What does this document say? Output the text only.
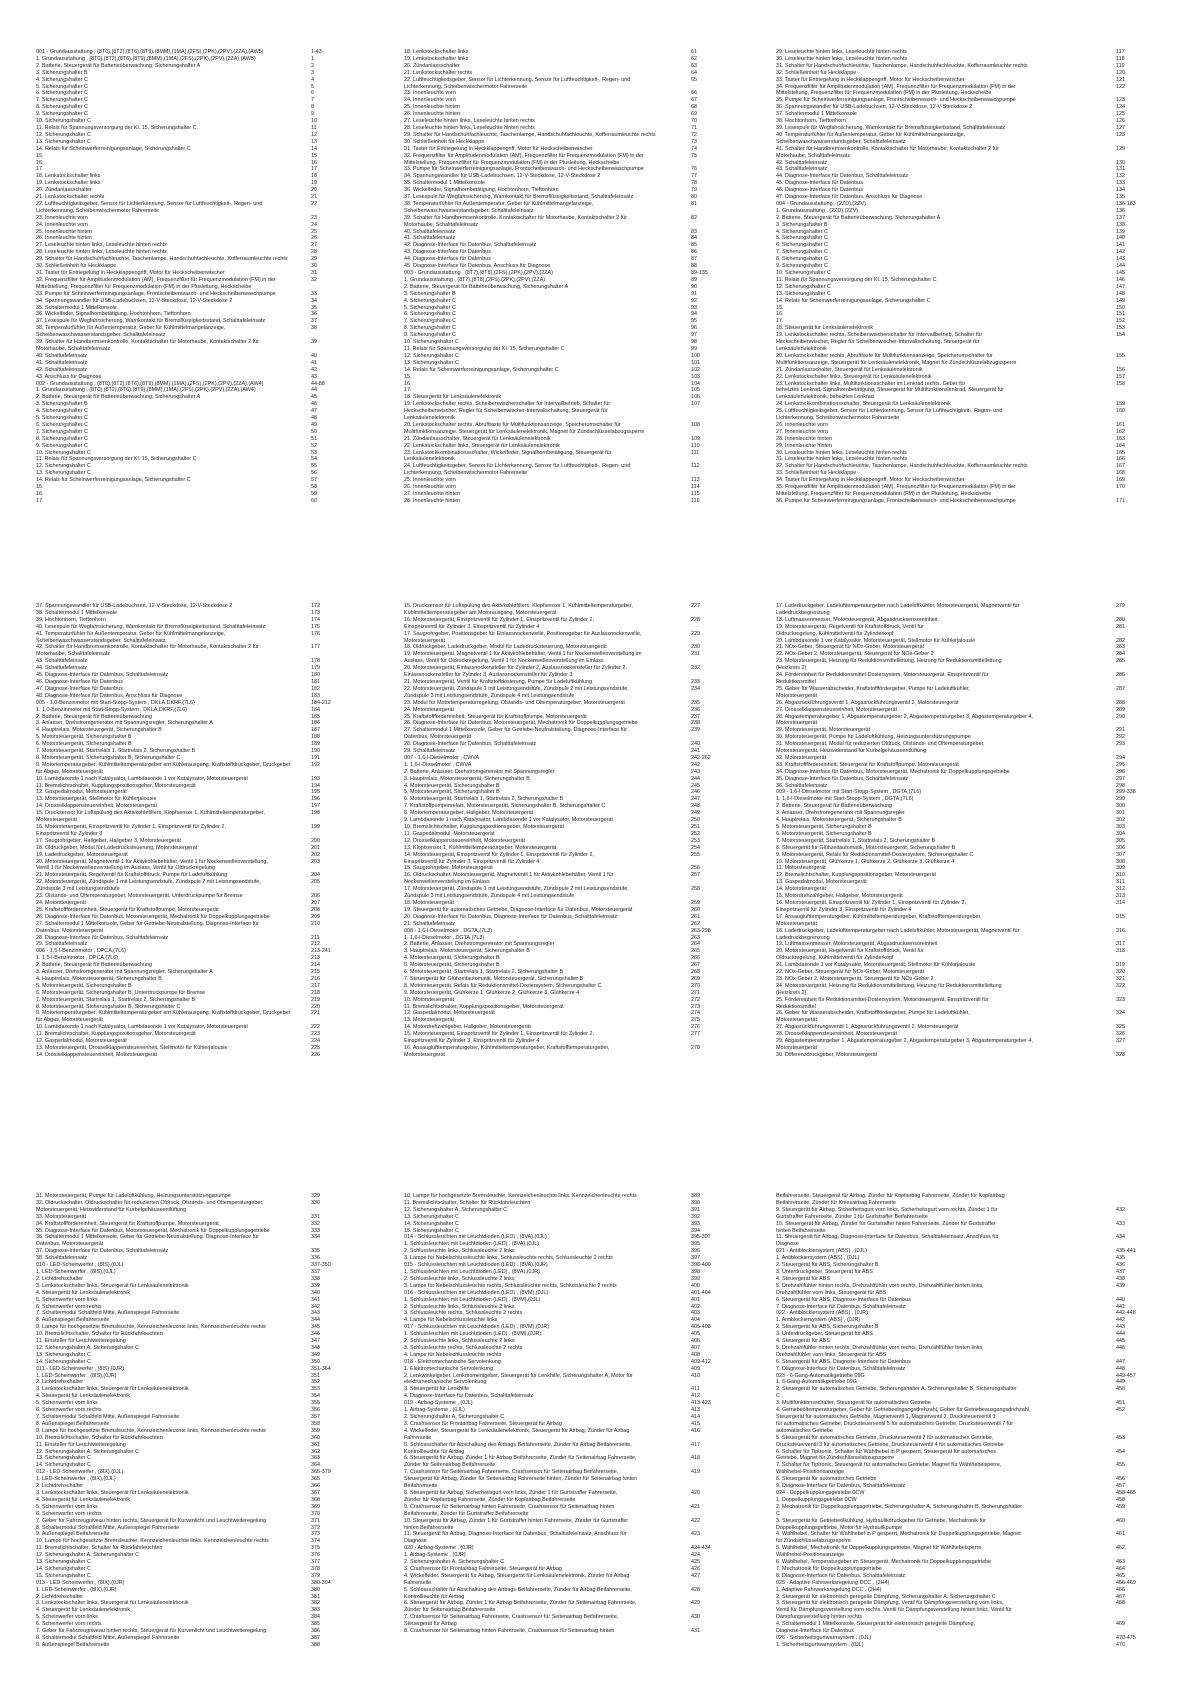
001 - Grundausstattung , (8T0),(8T2),(8T6),(8T9),(8MM),(1MA),(2FS),(2PK),(2PV),(2ZA),(AW5)	1-43
1. Grundausstattung , (8T0),(8T2),(8T6),(8T9),(8MM),(1MA),(2FS),(2PK),(2PV),(2ZA),(AW5)	1
2. Batterie, Steuergerät für Batterieüberwachung, Sicherungshalter A	2
3. Sicherungshalter B	3
4. Sicherungshalter C	4
5. Sicherungshalter C	5
6. Sicherungshalter C	6
7. Sicherungshalter C	7
8. Sicherungshalter C	8
9. Sicherungshalter C	9
10. Sicherungshalter C	10
11. Relais für Spannungsversorgung der Kl. 15, Sicherungshalter C	11
12. Sicherungshalter C	12
13. Sicherungshalter C	13
14. Relais für Scheinwerferreinigungsanlage, Sicherungshalter C	14
15.	15
16.	16
17.	17
18. Lenkstockschalter links	18
19. Lenkstockschalter links	19
20. Zündanlassschalter	20
21. Lenkstockschalter rechts	21
22. Luftfeuchtigkeitsgeber, Sensor für Lichterkennung, Sensor für Luftfeuchtigkeit-, Regen- und	22
Lichterkennung, Scheibenwischermotor Fahrerseite
23. Innenleuchte vorn	23
24. Innenleuchte vorn	24
25. Innenleuchte hinten	25
26. Innenleuchte hinten	26
27. Leseleuchte hinten links, Leseleuchte hinten rechts	27
28. Leseleuchte hinten links, Leseleuchte hinten rechts	28
29. Schalter für Handschuhfachleuchte, Taschenlampe, Handschuhfachleuchte, Kofferraumleuchte rechts	29
30. Schließeinheit für Heckklappe	30
31. Taster für Entriegelung in Heckklappengriff, Motor für Heckscheibenwischer	31
32. Frequenzfilter für Amplitudenmodulation (AM), Frequenzfilter für Frequenzmodulation (FM) in der	32
Mittelstellung, Frequenzfilter für Frequenzmodulation (FM) in der Plusleitung, Heckscheibe
33. Pumpe für Scheinwerferreinigungsanlage, Frontscheibenwasch- und Heckscheibenwaschpumpe	33
34. Spannungswandler für USB-Ladebuchsen, 12-V-Steckdose, 12-V-Steckdose 2	34
35. Schaltermodul 1 Mittelkonsole	35
36. Wickelfeder, Signalhornbetätigung, Hochtonhorn, Tieftonhorn	36
37. Lesespule für Wegfahrsicherung, Warnkontakt für Bremsflüssigkeitsstand, Schalttafeleinsatz	37
38. Temperaturfühler für Außentemperatur, Geber für Kühlmittelmangelanzeige,	38
Scheibenwaschwasserstandsgeber, Schalttafeleinsatz
39. Schalter für Handbremsenkontrolle, Kontaktschalter für Motorhaube, Kontaktschalter 2 für	39
Motorhaube, Schalttafeleinsatz
40. Schalttafeleinsatz	40
41. Schalttafeleinsatz	41
42. Schalttafeleinsatz	42
43. Anschluss für Diagnose	43
002 - Grundausstattung , (8T0),(8T2),(8T6),(8T9),(8MM),(1MA),(2FS),(2PK),(2PV),(2ZA),(AW4)	44-88
1. Grundausstattung , (8T0),(8T2),(8T6),(8T9),(8MM),(1MA),(2FS),(2PK),(2PV),(2ZA),(AW4)	44
2. Batterie, Steuergerät für Batterieüberwachung, Sicherungshalter A	45
3. Sicherungshalter B	46
4. Sicherungshalter C	47
5. Sicherungshalter C	48
6. Sicherungshalter C	49
7. Sicherungshalter C	50
8. Sicherungshalter C	51
9. Sicherungshalter C	52
10. Sicherungshalter C	53
11. Relais für Spannungsversorgung der Kl. 15, Sicherungshalter C	54
12. Sicherungshalter C	55
13. Sicherungshalter C	56
14. Relais für Scheinwerferreinigungsanlage, Sicherungshalter C	57
15.	58
16.	59
17.	60
18. Lenkstockschalter links	61
19. Lenkstockschalter links	62
20. Zündanlassschalter	63
21. Lenkstockschalter rechts	64
22. Luftfeuchtigkeitsgeber, Sensor für Lichterkennung, Sensor für Luftfeuchtigkeit-, Regen- und	65
Lichterkennung, Scheibenwischermotor Fahrerseite
23. Innenleuchte vorn	66
24. Innenleuchte vorn	67
25. Innenleuchte hinten	68
26. Innenleuchte hinten	69
27. Leseleuchte hinten links, Leseleuchte hinten rechts	70
28. Leseleuchte hinten links, Leseleuchte hinten rechts	71
29. Schalter für Handschuhfachleuchte, Taschenlampe, Handschuhfachleuchte, Kofferraumleuchte rechts	72
30. Schließeinheit für Heckklappe	73
31. Taster für Entriegelung in Heckklappengriff, Motor für Heckscheibenwischer	74
32. Frequenzfilter für Amplitudenmodulation (AM), Frequenzfilter für Frequenzmodulation (FM) in der	75
Mittelstellung, Frequenzfilter für Frequenzmodulation (FM) in der Plusleitung, Heckscheibe
33. Pumpe für Scheinwerferreinigungsanlage, Frontscheibenwasch- und Heckscheibenwaschpumpe	76
34. Spannungswandler für USB-Ladebuchsen, 12-V-Steckdose, 12-V-Steckdose 2	77
35. Schaltermodul 1 Mittelkonsole	78
36. Wickelfeder, Signalhornbetätigung, Hochtonhorn, Tieftonhorn	79
37. Lesespule für Wegfahrsicherung, Warnkontakt für Bremsflüssigkeitsstand, Schalttafeleinsatz	80
38. Temperaturfühler für Außentemperatur, Geber für Kühlmittelmangelanzeige,	81
Scheibenwaschwasserstandsgeber, Schalttafeleinsatz
39. Schalter für Handbremsenkontrolle, Kontaktschalter für Motorhaube, Kontaktschalter 2 für	82
Motorhaube, Schalttafeleinsatz
40. Schalttafeleinsatz	83
41. Schalttafeleinsatz	84
42. Diagnose-Interface für Datenbus, Schalttafeleinsatz	85
43. Diagnose-Interface für Datenbus	86
44. Diagnose-Interface für Datenbus	87
45. Diagnose-Interface für Datenbus, Anschluss für Diagnose	88
003 - Grundausstattung , (8T7),(8T8),(2FS),(2PK),(2PV),(2ZA)	89-135
1. Grundausstattung , (8T7),(8T8),(2FS),(2PK),(2PV),(2ZA)	89
2. Batterie, Steuergerät für Batterieüberwachung, Sicherungshalter A	90
3. Sicherungshalter B	91
4. Sicherungshalter C	92
5. Sicherungshalter C	93
6. Sicherungshalter C	94
7. Sicherungshalter C	95
8. Sicherungshalter C	96
9. Sicherungshalter C	97
10. Sicherungshalter C	98
11. Relais für Spannungsversorgung der Kl. 15, Sicherungshalter C	99
12. Sicherungshalter C	100
13. Sicherungshalter C	101
14. Relais für Scheinwerferreinigungsanlage, Sicherungshalter C	102
15.	103
16.	104
17.	105
18. Steuergerät für Lenksäulenelektronik	106
19. Lenkstockschalter rechts, Scheibenwischerschalter für Intervallbetrieb, Schalter für	107
Heckscheibenwischer, Regler für Scheibenwischer-Intervallschaltung, Steuergerät für
Lenksäulenelektronik
20. Lenkstockschalter rechts, Abrufttaste für Multifunktionsanzeige, Speicherumschalter für	108
Multifunktionsanzeige, Steuergerät für Lenksäulenelektronik, Magnet für Zündschlüsselabzugssperre
21. Zündanlassschalter, Steuergerät für Lenksäulenelektronik	109
22. Lenkstockschalter links, Steuergerät für Lenksäulenelektronik	110
23. Lenkstockkombinationsschalter, Wickelfeder, Signalhornbetätigung, Steuergerät für	111
Lenksäulenelektronik
24. Luftfeuchtigkeitsgeber, Sensor für Lichterkennung, Sensor für Luftfeuchtigkeit-, Regen- und	112
Lichterkennung, Scheibenwischermotor Fahrerseite
25. Innenleuchte vorn	113
26. Innenleuchte vorn	114
27. Innenleuchte hinten	115
28. Innenleuchte hinten	116
29. Leseleuchte hinten links, Leseleuchte hinten rechts	117
30. Leseleuchte hinten links, Leseleuchte hinten rechts	118
31. Schalter für Handschuhfachleuchte, Taschenlampe, Handschuhfachleuchte, Kofferraumleuchte rechts	119
32. Schließeinheit für Heckklappe	120
33. Taster für Entriegelung in Heckklappengriff, Motor für Heckscheibenwischer	121
34. Frequenzfilter für Amplitudenmodulation (AM), Frequenzfilter für Frequenzmodulation (FM) in der	122
Mittelstellung, Frequenzfilter für Frequenzmodulation (FM) in der Plusleitung, Heckscheibe
35. Pumpe für Scheinwerferreinigungsanlage, Frontscheibenwasch- und Heckscheibenwaschpumpe	123
36. Spannungswandler für USB-Ladebuchsen, 12-V-Steckdose, 12-V-Steckdose 2	124
37. Schaltermodul 1 Mittelkonsole	125
38. Hochtonhorn, Tieftonhorn	126
39. Lesespule für Wegfahrsicherung, Warnkontakt für Bremsflüssigkeitsstand, Schalttafeleinsatz	127
40. Temperaturfühler für Außentemperatur, Geber für Kühlmittelmangelanzeige,	128
Scheibenwaschwasserstandsgeber, Schalttafeleinsatz
41. Schalter für Handbremsenkontrolle, Kontaktschalter für Motorhaube, Kontaktschalter 2 für	129
Motorhaube, Schalttafeleinsatz
42. Schalttafeleinsatz	130
43. Schalttafeleinsatz	131
44. Diagnose-Interface für Datenbus, Schalttafeleinsatz	132
45. Diagnose-Interface für Datenbus	133
46. Diagnose-Interface für Datenbus	134
47. Diagnose-Interface für Datenbus, Anschluss für Diagnose	135
004 - Grundausstattung , (2ZD),(2ZV)	136-183
1. Grundausstattung , (2ZD),(2ZV)	136
2. Batterie, Steuergerät für Batterieüberwachung, Sicherungshalter A	137
3. Sicherungshalter B	138
4. Sicherungshalter C	139
5. Sicherungshalter C	140
6. Sicherungshalter C	141
7. Sicherungshalter C	142
8. Sicherungshalter C	143
9. Sicherungshalter C	144
10. Sicherungshalter C	145
11. Relais für Spannungsversorgung der Kl. 15, Sicherungshalter C	146
12. Sicherungshalter C	147
13. Sicherungshalter C	148
14. Relais für Scheinwerferreinigungsanlage, Sicherungshalter C	149
15.	150
16.	151
17.	152
18. Steuergerät für Lenksäulenelektronik	153
19. Lenkstockschalter rechts, Scheibenwischerschalter für Intervallbetrieb, Schalter für	154
Heckscheibenwischer, Regler für Scheibenwischer-Intervallschaltung, Steuergerät für
Lenksäulenelektronik
20. Lenkstockschalter rechts, Abrufttaste für Multifunktionsanzeige, Speicherumschalter für	155
Multifunktionsanzeige, Steuergerät für Lenksäulenelektronik, Magnet für Zündschlüsselabzugssperre
21. Zündanlassschalter, Steuergerät für Lenksäulenelektronik	156
22. Lenkstockschalter links, Steuergerät für Lenksäulenelektronik	157
23. Lenkstockschalter links, Multifunktionsschalter im Lenkrad rechts, Geber für	158
beheiztes Lenkrad, Signalhornbetätigung, Steuergerät für Multifunktionslenkrad, Steuergerät für
Lenksäulenelektronik, beheiztes Lenkrad
24. Lenkstockkombinationsschalter, Steuergerät für Lenksäulenelektronik	159
25. Luftfeuchtigkeitsgeber, Sensor für Lichterkennung, Sensor für Luftfeuchtigkeit-, Regen- und	160
Lichterkennung, Scheibenwischermotor Fahrerseite
26. Innenleuchte vorn	161
27. Innenleuchte vorn	162
28. Innenleuchte hinten	163
29. Innenleuchte hinten	164
30. Leseleuchte hinten links, Leseleuchte hinten rechts	165
31. Leseleuchte hinten links, Leseleuchte hinten rechts	166
32. Schalter für Handschuhfachleuchte, Taschenlampe, Handschuhfachleuchte, Kofferraumleuchte rechts	167
33. Schließeinheit für Heckklappe	168
34. Taster für Entriegelung in Heckklappengriff, Motor für Heckscheibenwischer	169
35. Frequenzfilter für Amplitudenmodulation (AM), Frequenzfilter für Frequenzmodulation (FM) in der	170
Mittelstellung, Frequenzfilter für Frequenzmodulation (FM) in der Plusleitung, Heckscheibe
36. Pumpe für Scheinwerferreinigungsanlage, Frontscheibenwasch- und Heckscheibenwaschpumpe	171
37. Spannungswandler für USB-Ladebuchsen, 12-V-Steckdose, 12-V-Steckdose 2	172
38. Schaltermodul 1 Mittelkonsole	173
39. Hochtonhorn, Tieftonhorn	174
40. Lesespule für Wegfahrsicherung, Warnkontakt für Bremsflüssigkeitsstand, Schalttafeleinsatz	175
41. Temperaturfühler für Außentemperatur, Geber für Kühlmittelmangelanzeige,	176
Scheibenwaschwasserstandsgeber, Schalttafeleinsatz
42. Schalter für Handbremsenkontrolle, Kontaktschalter für Motorhaube, Kontaktschalter 2 für	177
Motorhaube, Schalttafeleinsatz
43. Schalttafeleinsatz	178
44. Schalttafeleinsatz	179
45. Diagnose-Interface für Datenbus, Schalttafeleinsatz	180
46. Diagnose-Interface für Datenbus	181
47. Diagnose-Interface für Datenbus	182
48. Diagnose-Interface für Datenbus, Anschluss für Diagnose	183
005 - 1,0-Benzinmotor mit Start-Stopp-System , DKLA,DKRF,(7L6)	184-212
1. 1,0-Benzinmotor mit Start-Stopp-System , DKLA,DKRF,(7L6)	184
2. Batterie, Steuergerät für Batterieüberwachung	185
3. Anlasser, Drehstromgenerator mit Spannungsregler, Sicherungshalter A	186
4. Hauptrelais, Motorsteuergerät, Sicherungshalter B	187
5. Motorsteuergerät, Sicherungshalter B	188
6. Motorsteuergerät, Sicherungshalter B	189
7. Motorsteuergerät, Startrelais 1, Startrelais 2, Sicherungshalter B	190
8. Motorsteuergerät, Sicherungshalter B, Sicherungshalter C	191
9. Motortemperaturgeber, Kühlmitteltemperaturgeber am Kühlerausgang, Kraftstoffdruckgeber, Druckgeber	192
für Abgas, Motorsteuergerät
10. Lambdasonde 1 nach Katalysator, Lambdasonde 1 vor Katalysator, Motorsteuergerät	193
11. Bremslichtschalter, Kupplungspositionsgeber, Motorsteuergerät	194
12. Gaspedalmodul, Motorsteuergerät	195
13. Motorsteuergerät, Stellmotor für Kühlerjalousie	196
14. Drosselklappensteuereinheit, Motorsteuergerät	197
15. Drucksensor für Luftspülung des Aktivkohlefilters, Klopfsensor 1, Kühlmitteltemperaturgeber,	198
Motorsteuergerät
16. Motorsteuergerät, Einspritzventil für Zylinder 1, Einspritzventil für Zylinder 2,	199
Einspritzventil für Zylinder 3
17. Saugrohrgeber, Hallgeber, Hallgeber 3, Motorsteuergerät	200
18. Öldruckgeber, Modul für Ladedrucksteuerung, Motorsteuergerät	201
19. Ladedruckgeber, Motorsteuergerät	202
20. Motorsteuergerät, Magnetventil 1 für Aktivkohlebehälter, Ventil 1 für Nockenwellenverstellung,	203
Ventil 1 für Nockenwellenverstellung im Auslass, Ventil für Öldruckregelung
21. Motorsteuergerät, Regelventil für Kraftstoffdruck, Pumpe für Ladeluftkühlung	204
22. Motorsteuergerät, Zündspule 1 mit Leistungsendstufe, Zündspule 2 mit Leistungsendstufe,	205
Zündspule 3 mit Leistungsendstufe
23. Ölstands- und Öltemperaturgeber, Motorsteuergerät, Unterdruckpumpe für Bremse	206
24. Motorsteuergerät	207
25. Kraftstofffördereinheit, Steuergerät für Kraftstoffpumpe, Motorsteuergerät	208
26. Diagnose-Interface für Datenbus, Motorsteuergerät, Mechatronik für Doppelkupplungsgetriebe	209
27. Schaltermodul 1 Mittelkonsole, Geber für Getriebe-Neutralstellung, Diagnose-Interface für	210
Datenbus, Motorsteuergerät
28. Diagnose-Interface für Datenbus, Schalttafeleinsatz	211
29. Schalttafeleinsatz	212
006 - 1,5-l-Benzinmotor , DPCA,(7L6)	213-241
1. 1,5-l-Benzinmotor , DPCA,(7L6)	213
2. Batterie, Steuergerät für Batterieüberwachung	214
3. Anlasser, Drehstromgenerator mit Spannungsregler, Sicherungshalter A	215
4. Hauptrelais, Motorsteuergerät, Sicherungshalter B	216
5. Motorsteuergerät, Sicherungshalter B	217
6. Motorsteuergerät, Sicherungshalter B, Unterdruckpumpe für Bremse	218
7. Motorsteuergerät, Startrelais 1, Startrelais 2, Sicherungshalter B	219
8. Motorsteuergerät, Sicherungshalter B, Sicherungshalter C	220
9. Motortemperaturgeber, Kühlmitteltemperaturgeber am Kühlerausgang, Kraftstoffdruckgeber, Druckgeber	221
für Abgas, Motorsteuergerät
10. Lambdasonde 1 nach Katalysator, Lambdasonde 1 vor Katalysator, Motorsteuergerät	222
11. Bremslichtschalter, Kupplungspositionsgeber, Motorsteuergerät	223
12. Gaspedalmodul, Motorsteuergerät	224
13. Motorsteuergerät, Drosselklappensteuereinheit, Stellmotor für Kühlerjalousie	225
14. Drosselklappensteuereinheit, Motorsteuergerät	226
15. Drucksensor für Luftspülung des Aktivkohlefilters, Klopfsensor 1, Kühlmitteltemperaturgeber,	227
Kühlmitteltemperaturgeber am Motorausgang, Motorsteuergerät
16. Motorsteuergerät, Einspritzventil für Zylinder 1, Einspritzventil für Zylinder 2,	228
Einspritzventil für Zylinder 3, Einspritzventil für Zylinder 4
17. Saugrohrgeber, Positionsgeber für Einlassnockenwelle, Positionsgeber für Auslassnockenwelle,	229
Motorsteuergerät
18. Öldruckgeber, Ladedruckgeber, Modul für Ladedrucksteuerung, Motorsteuergerät	230
19. Motorsteuergerät, Magnetventil 1 für Aktivkohlebehälter, Ventil 1 für Nockenwellenverstellung im	231
Auslass, Ventil für Öldruckregelung, Ventil 1 für Nockenwellenverstellung im Einlass
20. Motorsteuergerät, Einlassnockensteller für Zylinder 2, Auslassnockensteller für Zylinder 2,	232
Einlassnockensteller für Zylinder 3, Auslassnockensteller für Zylinder 3
21. Motorsteuergerät, Ventil für Kraftstoffdosierung, Pumpe für Ladeluftkühlung	233
22. Motorsteuergerät, Zündspule 1 mit Leistungsendstufe, Zündspule 2 mit Leistungsendstufe,	234
Zündspule 3 mit Leistungsendstufe, Zündspule 4 mit Leistungsendstufe
23. Modul für Motortemperaturregelung, Ölstands- und Öltemperaturgeber, Motorsteuergerät	235
24. Motorsteuergerät	236
25. Kraftstofffördereinheit, Steuergerät für Kraftstoffpumpe, Motorsteuergerät	237
26. Diagnose-Interface für Datenbus, Motorsteuergerät, Mechatronik für Doppelkupplungsgetriebe	238
27. Schaltermodul 1 Mittelkonsole, Geber für Getriebe-Neutralstellung, Diagnose-Interface für	239
Datenbus, Motorsteuergerät
28. Diagnose-Interface für Datenbus, Schalttafeleinsatz	240
29. Schalttafeleinsatz	241
007 - 1,6-l-Dieselmotor , CWVA	242-262
1. 1,6-l-Dieselmotor , CWVA	242
2. Batterie, Anlasser, Drehstromgenerator mit Spannungsregler	243
3. Hauptrelais, Motorsteuergerät, Sicherungshalter B	244
4. Motorsteuergerät, Sicherungshalter B	245
5. Motorsteuergerät, Sicherungshalter B	246
6. Motorsteuergerät, Startrelais 1, Startrelais 2, Sicherungshalter B	247
7. Kraftstoffpumpenrelais, Motorsteuergerät, Sicherungshalter B, Sicherungshalter C	248
8. Motortemperaturgeber, Hallgeber, Motorsteuergerät	249
9. Lambdasonde 1 nach Katalysator, Lambdasonde 1 vor Katalysator, Motorsteuergerät	250
10. Bremslichtschalter, Kupplungspositionsgeber, Motorsteuergerät	251
11. Gaspedalmodul, Motorsteuergerät	252
12. Drosselklappensteuereinheit, Motorsteuergerät	253
13. Klopfsensor 1, Kühlmitteltemperaturgeber, Motorsteuergerät	254
14. Motorsteuergerät, Einspritzventil für Zylinder 1, Einspritzventil für Zylinder 2,	255
Einspritzventil für Zylinder 3, Einspritzventil für Zylinder 4
15. Saugrohrgeber, Motorsteuergerät	256
16. Öldruckschalter, Motorsteuergerät, Magnetventil 1 für Aktivkohlebehälter, Ventil 1 für	257
Nockenwellenverstellung im Einlass
17. Motorsteuergerät, Zündspule 1 mit Leistungsendstufe, Zündspule 2 mit Leistungsendstufe,	258
Zündspule 3 mit Leistungsendstufe, Zündspule 4 mit Leistungsendstufe
18. Motorsteuergerät	259
19. Steuergerät für automatisches Getriebe, Diagnose-Interface für Datenbus, Motorsteuergerät	260
20. Diagnose-Interface für Datenbus, Diagnose-Interface für Datenbus, Schalttafeleinsatz	261
21. Schalttafeleinsatz	262
008 - 1,6-l-Dieselmotor , DGTA,(7L3)	263-298
1. 1,6-l-Dieselmotor , DGTA,(7L3)	263
2. Batterie, Anlasser, Drehstromgenerator mit Spannungsregler	264
3. Hauptrelais, Motorsteuergerät, Sicherungshalter B	265
4. Motorsteuergerät, Sicherungshalter B	266
5. Motorsteuergerät, Sicherungshalter B	267
6. Motorsteuergerät, Startrelais 1, Startrelais 2, Sicherungshalter B	268
7. Steuergerät für Glühzeitautomatik, Motorsteuergerät, Sicherungshalter B	269
8. Motorsteuergerät, Relais für Reduktionsmittel-Dosiersystem, Sicherungshalter C	270
9. Motorsteuergerät, Glühkerze 1, Glühkerze 2, Glühkerze 3, Glühkerze 4	271
10. Motorsteuergerät	272
11. Bremslichtschalter, Kupplungspositionsgeber, Motorsteuergerät	273
12. Gaspedalmodul, Motorsteuergerät	274
13. Motorsteuergerät	275
14. Motordrehzahlgeber, Hallgeber, Motorsteuergerät	276
15. Motorsteuergerät, Einspritzventil für Zylinder 1, Einspritzventil für Zylinder 2,	277
Einspritzventil für Zylinder 3, Einspritzventil für Zylinder 4
16. Ansauglufttemperaturgeber, Kühlmitteltemperaturgeber, Kraftstofftemperaturgeber,	278
Motorsteuergerät
17. Ladedruckgeber, Ladelufttemperaturgeber nach Ladeluftkühler, Motorsteuergerät, Magnetventil für	279
Ladedruckbegrenzung
18. Luftmassenmesser, Motorsteuergerät, Abgasdrucksensoreinheit	280
19. Motorsteuergerät, Regelventil für Kraftstoffdruck, Ventil für	281
Öldruckregelung, Kühlmittelventil für Zylinderkopf
20. Lambdasonde 1 vor Katalysator, Motorsteuergerät, Stellmotor für Kühlerjalousie	282
21. NOx-Geber, Steuergerät für NOx-Geber, Motorsteuergerät	283
22. NOx-Geber 2, Motorsteuergerät, Steuergerät für NOx-Geber 2	284
23. Motorsteuergerät, Heizung für Reduktionsmittelleitung, Heizung für Reduktionsmittelleitung	285
(Heizkreis 2)
24. Fördereinheit für Reduktionsmittel-Dosiersystem, Motorsteuergerät, Einspritzventil für	286
Reduktionsmittel
25. Geber für Wasserabscheider, Kraftstofffördergeber, Pumpe für Ladeluftkühler,	287
Motorsteuergerät
26. Abgasrückführungsventil 1, Abgasrückführungsventil 2, Motorsteuergerät	288
27. Drosselklappensteuereinheit, Motorsteuergerät	289
28. Abgastemperaturgeber 1, Abgastemperaturgeber 2, Abgastemperaturgeber 3, Abgastemperaturgeber 4,	290
Motorsteuergerät
29. Motorsteuergerät, Motorsteuergerät	291
30. Motorsteuergerät, Pumpe für Ladeluftkühlung, Heizungsunterstützungspumpe	292
31. Motorsteuergerät, Modul für reduzierten Öldruck, Ölstands- und Öltemperaturgeber,	293
Motorsteuergerät, Heizwiderstand für Kurbelgehäuseentlüftung
32. Motorsteuergerät	294
33. Kraftstofffördereinheit, Steuergerät für Kraftstoffpumpe, Motorsteuergerät	295
34. Diagnose-Interface für Datenbus, Motorsteuergerät, Mechatronik für Doppelkupplungsgetriebe	296
35. Diagnose-Interface für Datenbus, Schalttafeleinsatz	297
36. Schalttafeleinsatz	298
009 - 1,6-l-Dieselmotor mit Start-Stopp-System , DGTA,(7L6)	299-338
1. 1,6-l-Dieselmotor mit Start-Stopp-System , DGTA,(7L6)	299
2. Batterie, Steuergerät für Batterieüberwachung	300
3. Anlasser, Drehstromgenerator mit Spannungsregler	301
4. Hauptrelais, Motorsteuergerät, Sicherungshalter B	302
5. Motorsteuergerät, Sicherungshalter B	303
6. Motorsteuergerät, Sicherungshalter B	304
7. Motorsteuergerät, Startrelais 1, Startrelais 2, Sicherungshalter B	305
8. Steuergerät für Glühzeitautomatik, Motorsteuergerät, Sicherungshalter B	306
9. Motorsteuergerät, Relais für Reduktionsmittel-Dosiersystem, Sicherungshalter C	307
10. Motorsteuergerät, Glühkerze 1, Glühkerze 2, Glühkerze 3, Glühkerze 4	308
11. Motorsteuergerät	309
12. Bremslichtschalter, Kupplungspositionsgeber, Motorsteuergerät	310
13. Gaspedalmodul, Motorsteuergerät	311
14. Motorsteuergerät	312
15. Motordrehzahlgeber, Hallgeber, Motorsteuergerät	313
16. Motorsteuergerät, Einspritzventil für Zylinder 1, Einspritzventil für Zylinder 2,	314
Einspritzventil für Zylinder 3, Einspritzventil für Zylinder 4
17. Ansauglufttemperaturgeber, Kühlmitteltemperaturgeber, Kraftstofftemperaturgeber,	315
Motorsteuergerät
18. Ladedruckgeber, Ladelufttemperaturgeber nach Ladeluftkühler, Motorsteuergerät, Magnetventil für	316
Ladedruckbegrenzung
19. Luftmassenmesser, Motorsteuergerät, Abgasdrucksensoreinheit	317
20. Motorsteuergerät, Regelventil für Kraftstoffdruck, Ventil für	318
Öldruckregelung, Kühlmittelventil für Zylinderkopf
21. Lambdasonde 1 vor Katalysator, Motorsteuergerät, Stellmotor für Kühlerjalousie	319
22. NOx-Geber, Steuergerät für NOx-Geber, Motorsteuergerät	320
23. NOx-Geber 2, Motorsteuergerät, Steuergerät für NOx-Geber 2	321
24. Motorsteuergerät, Heizung für Reduktionsmittelleitung, Heizung für Reduktionsmittelleitung	322
(Heizkreis 2)
25. Fördereinheit für Reduktionsmittel-Dosiersystem, Motorsteuergerät, Einspritzventil für	323
Reduktionsmittel
26. Geber für Wasserabscheider, Kraftstofffördergeber, Pumpe für Ladeluftkühler,	324
Motorsteuergerät
27. Abgasrückführungsventil 1, Abgasrückführungsventil 2, Motorsteuergerät	325
28. Drosselklappensteuereinheit, Motorsteuergerät	326
29. Abgastemperaturgeber 1, Abgastemperaturgeber 2, Abgastemperaturgeber 3, Abgastemperaturgeber 4,	327
Motorsteuergerät
30. Differenzdruckgeber, Motorsteuergerät	328
31. Motorsteuergerät, Pumpe für Ladeluftkühlung, Heizungsunterstützungspumpe	329
32. Öldruckschalter, Öldruckschalter für reduzierten Öldruck, Ölstands- und Öltemperaturgeber,	330
Motorsteuergerät, Heizwiderstand für Kurbelgehäuseentlüftung
33. Motorsteuergerät	331
34. Kraftstofffördereinheit, Steuergerät für Kraftstoffpumpe, Motorsteuergerät	332
35. Diagnose-Interface für Datenbus, Motorsteuergerät, Mechatronik für Doppelkupplungsgetriebe	333
36. Schaltermodul 1 Mittelkonsole, Geber für Getriebe-Neutralstellung, Diagnose-Interface für	334
Datenbus, Motorsteuergerät
37. Diagnose-Interface für Datenbus, Schalttafeleinsatz	335
38. Schalttafeleinsatz	336
010 - LED-Scheinwerfer , (8IS),(0JL)	337-350
1. LED-Scheinwerfer , (8IS),(0JL)	337
2. Lichtdrehschalter	338
3. Lenkstockschalter links, Steuergerät für Lenksäulenelektronik	339
4. Steuergerät für Lenksäulenelektronik	340
5. Scheinwerfer vorn links	341
6. Scheinwerfer vorn rechts	342
7. Schaltermodul Schaltfeld Mitte, Außenspiegel Fahrerseite	343
8. Außenspiegel Beifahrerseite	344
9. Lampe für hochgesetzte Bremsleuchte, Kennzeichenleuchte links, Kennzeichenleuchte rechts	345
10. Bremslichtschalter, Schalter für Rückfahrleuchten	346
11. Einsteller für Leuchtweiteregelung	347
12. Sicherungshalter A, Sicherungshalter C	348
13. Sicherungshalter C	349
14. Sicherungshalter C	350
011 - LED-Scheinwerfer , (8IS),(0JR)	351-364
1. LED-Scheinwerfer , (8IS),(0JR)	351
2. Lichtdrehschalter	352
3. Lenkstockschalter links, Steuergerät für Lenksäulenelektronik	353
4. Steuergerät für Lenksäulenelektronik	354
5. Scheinwerfer vorn links	355
6. Scheinwerfer vorn rechts	356
7. Schaltermodul Schaltfeld Mitte, Außenspiegel Fahrerseite	357
8. Außenspiegel Beifahrerseite	358
9. Lampe für hochgesetzte Bremsleuchte, Kennzeichenleuchte links, Kennzeichenleuchte rechts	359
10. Bremslichtschalter, Schalter für Rückfahrleuchten	360
11. Einsteller für Leuchtweiteregelung	361
12. Sicherungshalter A, Sicherungshalter C	362
13. Sicherungshalter C	363
14. Sicherungshalter C	364
012 - LED-Scheinwerfer , (8IX),(0JL)	365-379
1. LED-Scheinwerfer , (8IX),(0JL)	365
2. Lichtdrehschalter	366
3. Lenkstockschalter links, Steuergerät für Lenksäulenelektronik	367
4. Steuergerät für Lenksäulenelektronik	368
5. Scheinwerfer vorn links	369
6. Scheinwerfer vorn rechts	370
7. Geber für Fahrzeugniveau hinten rechts, Steuergerät für Kurvenlicht und Leuchtweiteregelung	371
8. Schaltermodul Schaltfeld Mitte, Außenspiegel Fahrerseite	372
9. Außenspiegel Beifahrerseite	373
10. Lampe für hochgesetzte Bremsleuchte, Kennzeichenleuchte links, Kennzeichenleuchte rechts	374
11. Bremslichtschalter, Schalter für Rückfahrleuchten	375
12. Sicherungshalter A, Sicherungshalter C	376
13. Sicherungshalter C	377
14. Sicherungshalter C	378
15. Sicherungshalter C	379
013 - LED-Scheinwerfer , (8IX),(0JR)	380-394
1. LED-Scheinwerfer , (8IX),(0JR)	380
2. Lichtdrehschalter	381
3. Lenkstockschalter links, Steuergerät für Lenksäulenelektronik	382
4. Steuergerät für Lenksäulenelektronik	383
5. Scheinwerfer vorn links	384
6. Scheinwerfer vorn rechts	385
7. Geber für Fahrzeugniveau hinten rechts, Steuergerät für Kurvenlicht und Leuchtweiteregelung	386
8. Schaltermodul Schaltfeld Mitte, Außenspiegel Fahrerseite	387
9. Außenspiegel Beifahrerseite	388
10. Lampe für hochgesetzte Bremsleuchte, Kennzeichenleuchte links, Kennzeichenleuchte rechts	389
11. Bremslichtschalter, Schalter für Rückfahrleuchten	390
12. Sicherungshalter A, Sicherungshalter C	391
13. Sicherungshalter C	392
14. Sicherungshalter C	393
15. Sicherungshalter C	394
014 - Schlussleuchten mit Leuchtdioden (LED) , (8VA),(0JL)	395-397
1. Schlussleuchten mit Leuchtdioden (LED) , (8VA),(0JL)	395
2. Schlussleuchte links, Schlussleuchte 2 links	396
3. Lampe für Nebelschlussleuchte links, Schlussleuchte rechts, Schlussleuchte 2 rechts	397
015 - Schlussleuchten mit Leuchtdioden (LED) , (8VA),(0JR)	398-400
1. Schlussleuchten mit Leuchtdioden (LED) , (8VA),(0JR)	398
2. Schlussleuchte links, Schlussleuchte 2 links	399
3. Lampe für Nebelschlussleuchte rechts, Schlussleuchte rechts, Schlussleuchte 2 rechts	400
016 - Schlussleuchten mit Leuchtdioden (LED) , (8VM),(0JL)	401-404
1. Schlussleuchten mit Leuchtdioden (LED) , (8VM),(0JL)	401
2. Schlussleuchte links, Schlussleuchte 2 links	402
3. Schlussleuchte rechts, Schlussleuchte 2 rechts	403
4. Lampe für Nebelschlussleuchte links	404
017 - Schlussleuchten mit Leuchtdioden (LED) , (8VM),(0JR)	405-408
1. Schlussleuchten mit Leuchtdioden (LED) , (8VM),(0JR)	405
2. Schlussleuchte links, Schlussleuchte 2 links	406
3. Schlussleuchte rechts, Schlussleuchte 2 rechts	407
4. Lampe für Nebelschlussleuchte rechts	408
018 - Elektromechanische Servolenkung	409-412
1. Elektromechanische Servolenkung	409
2. Lenkwinkelgeber, Lenkmomentgeber, Steuergerät für Lenkhilfe, Sicherungshalter A, Motor für	410
elektromechanische Servolenkung
3. Steuergerät für Lenkhilfe	411
4. Diagnose-Interface für Datenbus, Schalttafeleinsatz	412
019 - Airbag-Systeme , (0JL)	413-423
1. Airbag-Systeme , (0JL)	413
2. Sicherungshalter A, Sicherungshalter C	414
3. Crashsensor für Frontairbag Fahrerseite, Steuergerät für Airbag	415
4. Wickelfeder, Steuergerät für Lenksäulenelektronik, Steuergerät für Airbag, Zünder für Airbag	416
Fahrerseite
5. Schlossschalter für Abschaltung des Airbags Beifahrerseite, Zünder für Airbag Beifahrerseite,	417
Kontrollleuchte für Airbag
6. Steuergerät für Airbag, Zünder 1 für Airbag Beifahrerseite, Zünder für Seitenairbag Fahrerseite,	418
Zünder für Seitenairbag Beifahrerseite
7. Crashsensor für Seitenairbag Fahrerseite, Crashsensor für Seitenairbag Beifahrerseite,	419
Steuergerät für Airbag, Zünder für Seitenairbag Fahrerseite hinten, Zünder für Seitenairbag hinten
Beifahrerseite
8. Steuergerät für Airbag, Sicherheitsgurt vorn links, Zünder 1 für Gurtstraffer Fahrerseite,	420
Zünder für Kopfairbag Fahrerseite, Zünder für Kopfairbag Beifahrerseite
9. Crashsensor für Seitenairbag hinten Fahrerseite, Crashsensor für Seitenairbag hinten	421
Beifahrerseite, Zünder für Gurtstraffer Beifahrerseite
10. Steuergerät für Airbag, Zünder 1 für Gurtstraffer hinten Fahrerseite, Zünder für Gurtstraffer	422
hinten Beifahrerseite
11. Steuergerät für Airbag, Diagnose-Interface für Datenbus, Schalttafeleinsatz, Anschluss für	423
Diagnose
020 - Airbag-Systeme , (0JR)	424-434
1. Airbag-Systeme , (0JR)	424
2. Sicherungshalter A, Sicherungshalter C	425
3. Crashsensor für Frontairbag Fahrerseite, Steuergerät für Airbag	426
4. Wickelfeder, Steuergerät für Airbag, Steuergerät für Lenksäulenelektronik, Zünder für Airbag	427
Fahrerseite
5. Schlossschalter für Abschaltung des Airbags Beifahrerseite, Zünder für Airbag Beifahrerseite,	428
Kontrollleuchte für Airbag
6. Steuergerät für Airbag, Zünder 1 für Airbag Beifahrerseite, Zünder für Seitenairbag Fahrerseite,	429
Zünder für Seitenairbag Beifahrerseite
7. Crashsensor für Seitenairbag Fahrerseite, Crashsensor für Seitenairbag Beifahrerseite,	430
Steuergerät für Airbag
8. Crashsensor für Seitenairbag hinten Fahrerseite, Crashsensor für Seitenairbag hinten	431
Beifahrerseite, Steuergerät für Airbag, Zünder für Kopfairbag Fahrerseite, Zünder für Kopfairbag
Beifahrerseite, Zünder für Kniesairbag Fahrerseite
9. Steuergerät für Airbag, Sicherheitsgurt vorn links, Sicherheitsgurt vorn rechts, Zünder 1 für	432
Gurtstraffer Fahrerseite, Zünder 1 für Gurtstraffer Beifahrerseite
10. Steuergerät für Airbag, Zünder für Gurtstraffer hinten Fahrerseite, Zünder für Gurtstraffer	433
hinten Beifahrerseite
11. Steuergerät für Airbag, Diagnose-Interface für Datenbus, Schalttafeleinsatz, Anschluss für	434
Diagnose
021 - Antiblockiersystem (ABS) , (0JL)	435-441
1. Antiblockiersystem (ABS) , (0JL)	435
2. Steuergerät für ABS, Sicherungshalter B	436
3. Unterdruckgeber, Steuergerät für ABS	437
4. Steuergerät für ABS	438
5. Drehzahlfühler hinten rechts, Drehzahlfühler vorn rechts, Drehzahlfühler hinten links,	439
Drehzahlfühler vorn links, Steuergerät für ABS
6. Steuergerät für ABS, Diagnose-Interface für Datenbus	440
7. Diagnose-Interface für Datenbus, Schalttafeleinsatz	441
022 - Antiblockiersystem (ABS) , (0JR)	442-448
1. Antiblockiersystem (ABS) , (0JR)	442
2. Steuergerät für ABS, Sicherungshalter B	443
3. Unterdruckgeber, Steuergerät für ABS	444
4. Steuergerät für ABS	445
5. Drehzahlfühler hinten rechts, Drehzahlfühler vorn rechts, Drehzahlfühler hinten links,	446
Drehzahlfühler vorn links, Steuergerät für ABS
6. Steuergerät für ABS, Diagnose-Interface für Datenbus	447
7. Diagnose-Interface für Datenbus, Schalttafeleinsatz	448
023 - 6-Gang-Automatikgetriebe 09G	449-457
1. 6-Gang-Automatikgetriebe 09G	449
2. Steuergerät für automatisches Getriebe, Sicherungshalter A, Sicherungshalter B, Sicherungshalter	450
C
3. Multifunktionsschalter, Steuergerät für automatisches Getriebe	451
4. Getriebeöltemperaturgeber, Geber für Getriebeeingangsdrehzahl, Geber für Getriebeausgangsdrehzahl,	452
Steuergerät für automatisches Getriebe, Magnetventil 1, Magnetventil 2, Drucksteuerventil 1
für automatisches Getriebe, Drucksteuerventil 5 für automatisches Getriebe, Drucksteuerventil 7 für
automatisches Getriebe
5. Steuergerät für automatisches Getriebe, Drucksteuerventil 2 für automatisches Getriebe,	453
Drucksteuerventil 3 für automatisches Getriebe, Drucksteuerventil 4 für automatisches Getriebe
6. Schalter für Tiptronic, Schalter für Wählhebel in P gesperrt, Steuergerät für automatisches	454
Getriebe, Magnet für Zündschlüsselabzugssperre
7. Schalter für Tiptronic, Steuergerät für automatisches Getriebe, Magnet für Wählhebelsperre,	455
Wählhebel-Positionsanzeige
8. Steuergerät für automatisches Getriebe	456
9. Diagnose-Interface für Datenbus, Schalttafeleinsatz	457
024 - Doppelkupplungsgetriebe 0CW	458-465
1. Doppelkupplungsgetriebe 0CW	458
2. Mechatronik für Doppelkupplungsgetriebe, Sicherungshalter A, Sicherungshalter B, Sicherungshalter	459
C
3. Steuergerät für Getriebeölkühlung, Hydraulikdruckgeber für Getriebe, Mechatronik für	460
Doppelkupplungsgetriebe, Motor für Hydraulikpumpe
4. Wählhebel, Schalter für Wählhebel in P gesperrt, Mechatronik für Doppelkupplungsgetriebe, Magnet	461
für Zündschlüsselabzugssperre
5. Wählhebel, Mechatronik für Doppelkupplungsgetriebe, Magnet für Wählhebelsperre,	462
Wählhebel-Positionsanzeige
6. Wählhebel, Temperaturgeber im Steuergerät, Mechatronik für Doppelkupplungsgetriebe	463
7. Mechatronik für Doppelkupplungsgetriebe	464
8. Diagnose-Interface für Datenbus, Schalttafeleinsatz	465
025 - Adaptive Fahrwerksregelung DCC , (2H4)	466-469
1. Adaptive Fahrwerksregelung DCC , (2H4)	466
2. Steuergerät für elektronisch geregelte Dämpfung, Sicherungshalter A, Sicherungshalter C	467
3. Steuergerät für elektronisch geregelte Dämpfung, Ventil für Dämpfungsverstellung vorn links,	468
Ventil für Dämpfungsverstellung vorn rechts, Ventil für Dämpfungsverstellung hinten links, Ventil für
Dämpfungsverstellung hinten rechts
4. Schaltermodul 1 Mittelkonsole, Steuergerät für elektronisch geregelte Dämpfung,	469
Diagnose-Interface für Datenbus
026 - Sicherheitsgurtwarnsystem , (0JL)	470-475
1. Sicherheitsgurtwarnsystem , (0JL)	470
